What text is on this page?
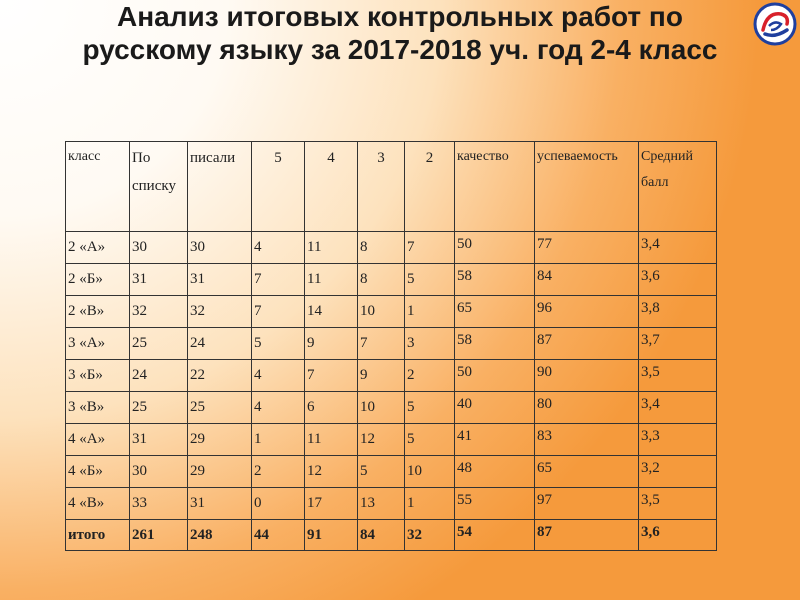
Анализ итоговых контрольных работ по русскому языку за 2017-2018 уч. год 2-4 класс
класс	По списку	писали	5	4	3	2	качество	успеваемость	Средний балл
2 «А»	30	30	4	11	8	7	50	77	3,4
2 «Б»	31	31	7	11	8	5	58	84	3,6
2 «В»	32	32	7	14	10	1	65	96	3,8
3 «А»	25	24	5	9	7	3	58	87	3,7
3 «Б»	24	22	4	7	9	2	50	90	3,5
3 «В»	25	25	4	6	10	5	40	80	3,4
4 «А»	31	29	1	11	12	5	41	83	3,3
4 «Б»	30	29	2	12	5	10	48	65	3,2
4 «В»	33	31	0	17	13	1	55	97	3,5
итого	261	248	44	91	84	32	54	87	3,6
